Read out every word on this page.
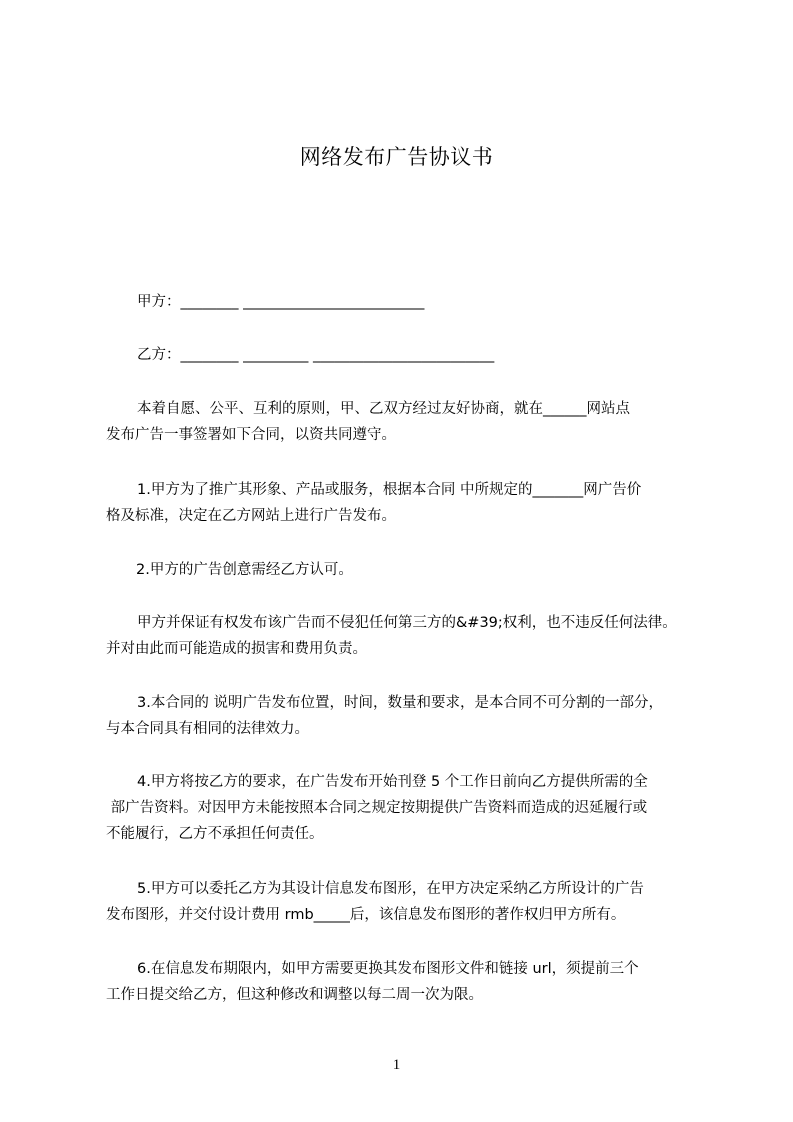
网络发布广告协议书
甲方：________ _________________________
乙方：________ _________ _________________________
本着自愿、公平、互利的原则，甲、乙双方经过友好协商，就在______网站点
发布广告一事签署如下合同，以资共同遵守。
1.甲方为了推广其形象、产品或服务，根据本合同 中所规定的_______网广告价
格及标准，决定在乙方网站上进行广告发布。
2.甲方的广告创意需经乙方认可。
甲方并保证有权发布该广告而不侵犯任何第三方的&#39;权利，也不违反任何法律。
并对由此而可能造成的损害和费用负责。
3.本合同的 说明广告发布位置，时间，数量和要求，是本合同不可分割的一部分，
与本合同具有相同的法律效力。
4.甲方将按乙方的要求，在广告发布开始刊登 5 个工作日前向乙方提供所需的全
部广告资料。对因甲方未能按照本合同之规定按期提供广告资料而造成的迟延履行或
不能履行，乙方不承担任何责任。
5.甲方可以委托乙方为其设计信息发布图形，在甲方决定采纳乙方所设计的广告
发布图形，并交付设计费用 rmb_____后，该信息发布图形的著作权归甲方所有。
6.在信息发布期限内，如甲方需要更换其发布图形文件和链接 url，须提前三个
工作日提交给乙方，但这种修改和调整以每二周一次为限。
1
